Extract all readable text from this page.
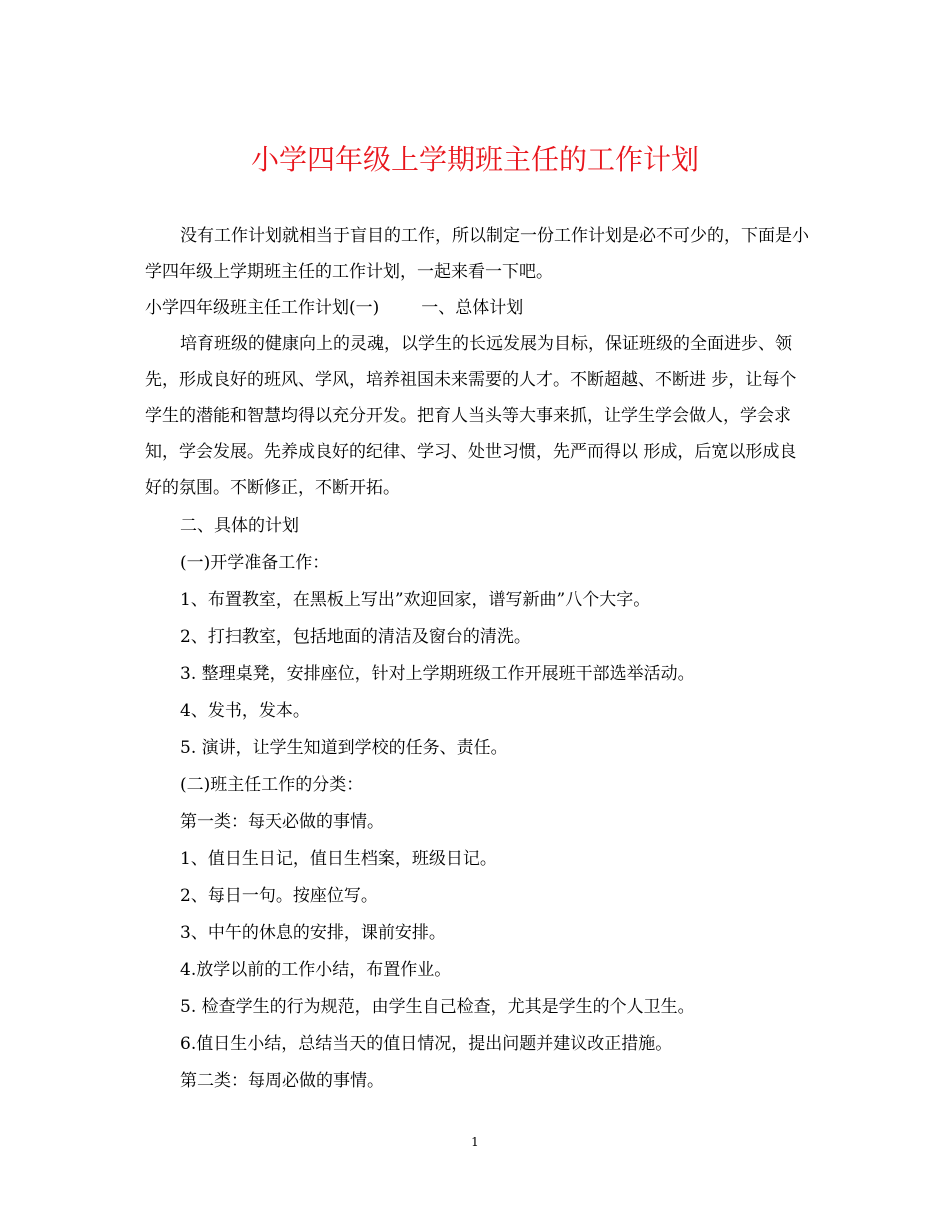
小学四年级上学期班主任的工作计划

没有工作计划就相当于盲目的工作，所以制定一份工作计划是必不可少的，下面是小学四年级上学期班主任的工作计划，一起来看一下吧。

小学四年级班主任工作计划(一) 一、总体计划

培育班级的健康向上的灵魂，以学生的长远发展为目标，保证班级的全面进步、领先，形成良好的班风、学风，培养祖国未来需要的人才。不断超越、不断进 步，让每个学生的潜能和智慧均得以充分开发。把育人当头等大事来抓，让学生学会做人，学会求知，学会发展。先养成良好的纪律、学习、处世习惯，先严而得以 形成，后宽以形成良好的氛围。不断修正，不断开拓。

二、具体的计划

(一)开学准备工作：

1、布置教室，在黑板上写出”欢迎回家，谱写新曲”八个大字。

2、打扫教室，包括地面的清洁及窗台的清洗。

3. 整理桌凳，安排座位，针对上学期班级工作开展班干部选举活动。

4、发书，发本。

5. 演讲，让学生知道到学校的任务、责任。

(二)班主任工作的分类：

第一类：每天必做的事情。

1、值日生日记，值日生档案，班级日记。

2、每日一句。按座位写。

3、中午的休息的安排，课前安排。

4.放学以前的工作小结，布置作业。

5. 检查学生的行为规范，由学生自己检查，尤其是学生的个人卫生。

6.值日生小结，总结当天的值日情况，提出问题并建议改正措施。

第二类：每周必做的事情。

1
